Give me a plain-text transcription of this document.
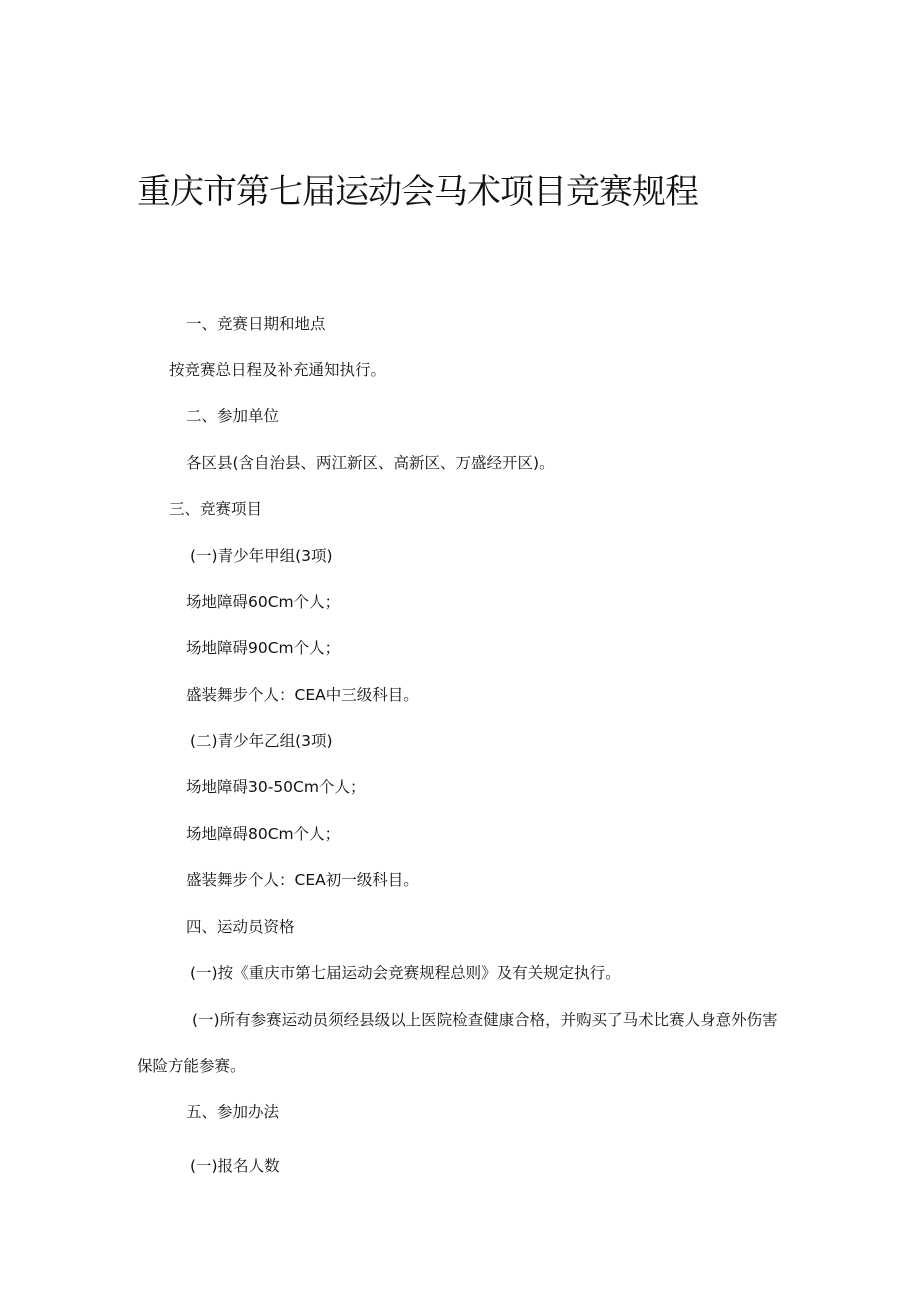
重庆市第七届运动会马术项目竞赛规程
一、竞赛日期和地点
按竞赛总日程及补充通知执行。
二、参加单位
各区县(含自治县、两江新区、高新区、万盛经开区)。
三、竞赛项目
(一)青少年甲组(3项)
场地障碍60Cm个人；
场地障碍90Cm个人；
盛装舞步个人：CEA中三级科目。
(二)青少年乙组(3项)
场地障碍30-50Cm个人；
场地障碍80Cm个人；
盛装舞步个人：CEA初一级科目。
四、运动员资格
(一)按《重庆市第七届运动会竞赛规程总则》及有关规定执行。
(一)所有参赛运动员须经县级以上医院检查健康合格，并购买了马术比赛人身意外伤害
保险方能参赛。
五、参加办法
(一)报名人数
